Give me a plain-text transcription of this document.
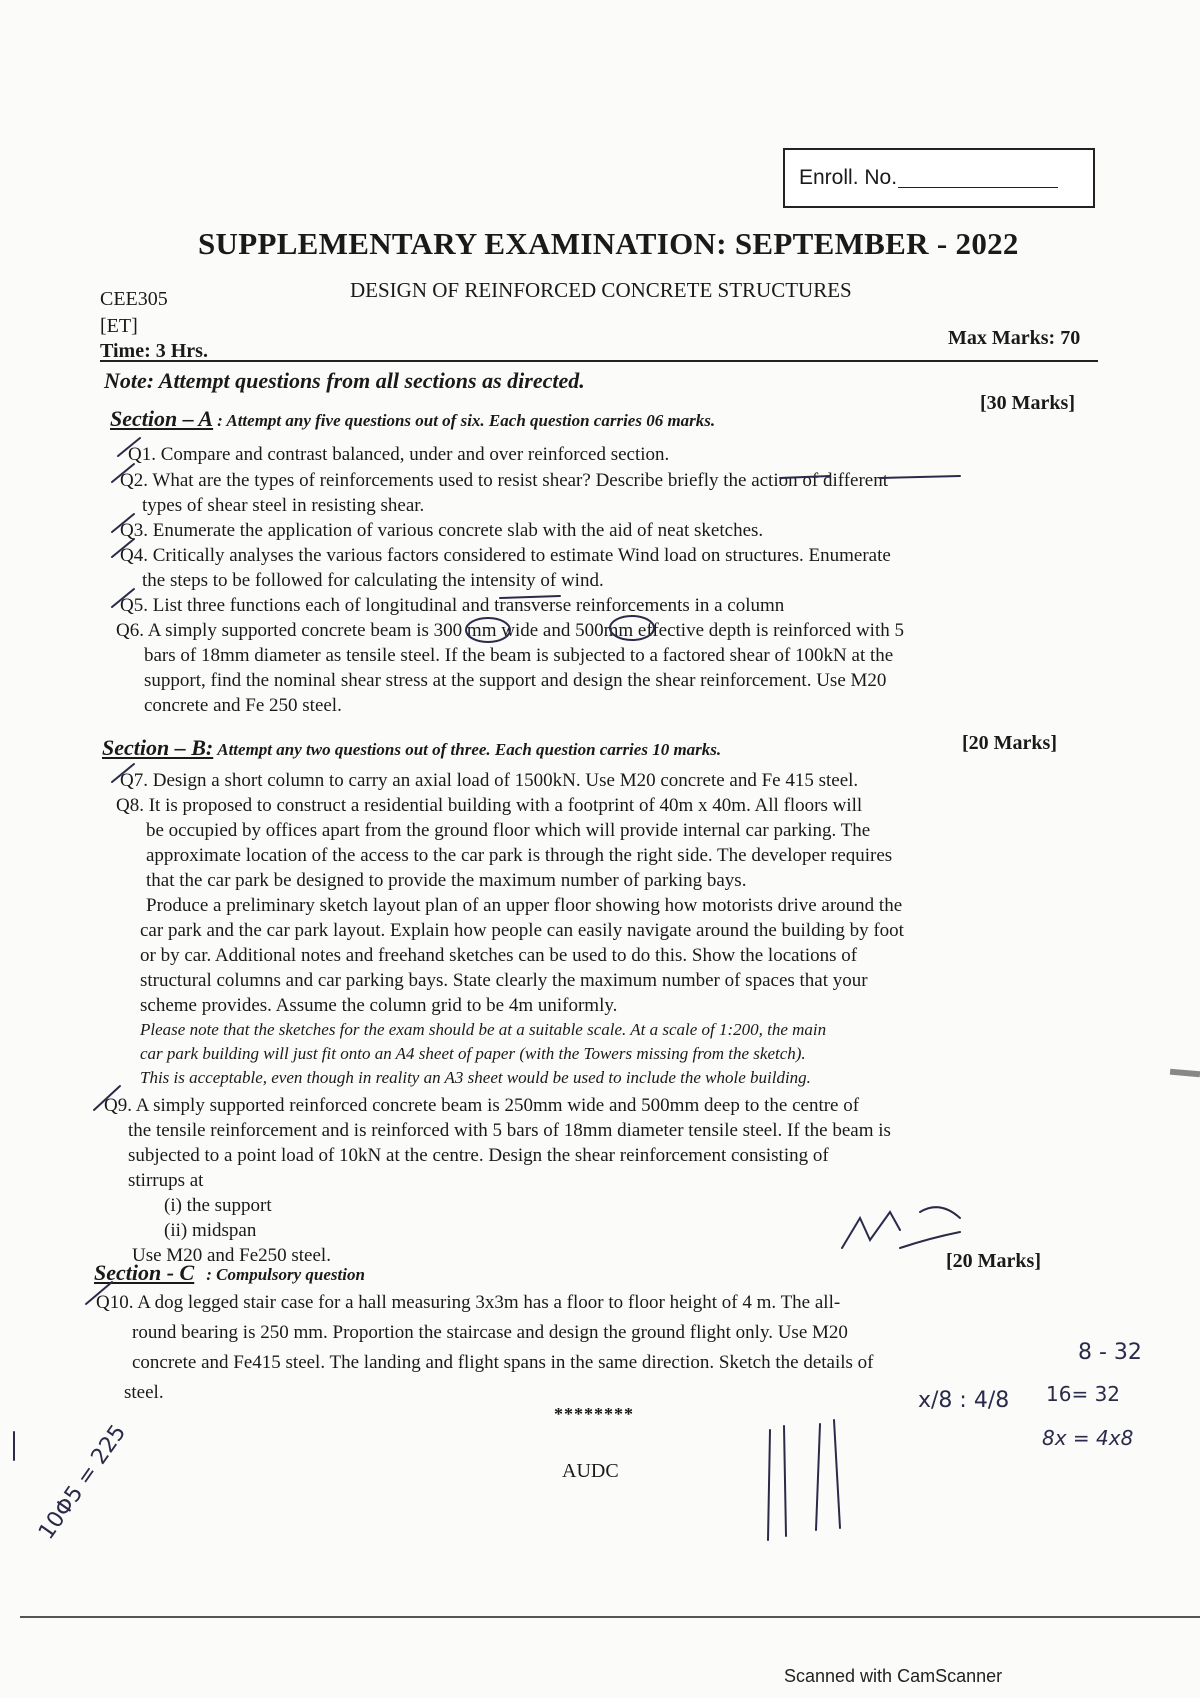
Enroll. No.
SUPPLEMENTARY EXAMINATION: SEPTEMBER - 2022
CEE305	DESIGN OF REINFORCED CONCRETE STRUCTURES
[ET]
Time: 3 Hrs.
Max Marks: 70
Note: Attempt questions from all sections as directed.
Section – A : Attempt any five questions out of six. Each question carries 06 marks.
[30 Marks]
Q1. Compare and contrast balanced, under and over reinforced section.
Q2. What are the types of reinforcements used to resist shear? Describe briefly the action of different
types of shear steel in resisting shear.
Q3. Enumerate the application of various concrete slab with the aid of neat sketches.
Q4. Critically analyses the various factors considered to estimate Wind load on structures. Enumerate
the steps to be followed for calculating the intensity of wind.
Q5. List three functions each of longitudinal and transverse reinforcements in a column
Q6. A simply supported concrete beam is 300 mm wide and 500mm effective depth is reinforced with 5
bars of 18mm diameter as tensile steel. If the beam is subjected to a factored shear of 100kN at the
support, find the nominal shear stress at the support and design the shear reinforcement. Use M20
concrete and Fe 250 steel.
Section – B: Attempt any two questions out of three. Each question carries 10 marks.	[20 Marks]
Q7. Design a short column to carry an axial load of 1500kN. Use M20 concrete and Fe 415 steel.
Q8. It is proposed to construct a residential building with a footprint of 40m x 40m. All floors will
be occupied by offices apart from the ground floor which will provide internal car parking. The
approximate location of the access to the car park is through the right side. The developer requires
that the car park be designed to provide the maximum number of parking bays.
Produce a preliminary sketch layout plan of an upper floor showing how motorists drive around the
car park and the car park layout. Explain how people can easily navigate around the building by foot
or by car. Additional notes and freehand sketches can be used to do this. Show the locations of
structural columns and car parking bays. State clearly the maximum number of spaces that your
scheme provides. Assume the column grid to be 4m uniformly.
Please note that the sketches for the exam should be at a suitable scale. At a scale of 1:200, the main
car park building will just fit onto an A4 sheet of paper (with the Towers missing from the sketch).
This is acceptable, even though in reality an A3 sheet would be used to include the whole building.
Q9. A simply supported reinforced concrete beam is 250mm wide and 500mm deep to the centre of
the tensile reinforcement and is reinforced with 5 bars of 18mm diameter tensile steel. If the beam is
subjected to a point load of 10kN at the centre. Design the shear reinforcement consisting of
stirrups at
(i) the support
(ii) midspan
Use M20 and Fe250 steel.
Section - C : Compulsory question
[20 Marks]
Q10. A dog legged stair case for a hall measuring 3x3m has a floor to floor height of 4 m. The all-
round bearing is 250 mm. Proportion the staircase and design the ground flight only. Use M20
concrete and Fe415 steel. The landing and flight spans in the same direction. Sketch the details of
steel.
********
AUDC
8 - 32
16= 32
8x = 4x8
x/8 : 4/8
10Φ5 = 225
Scanned with CamScanner
